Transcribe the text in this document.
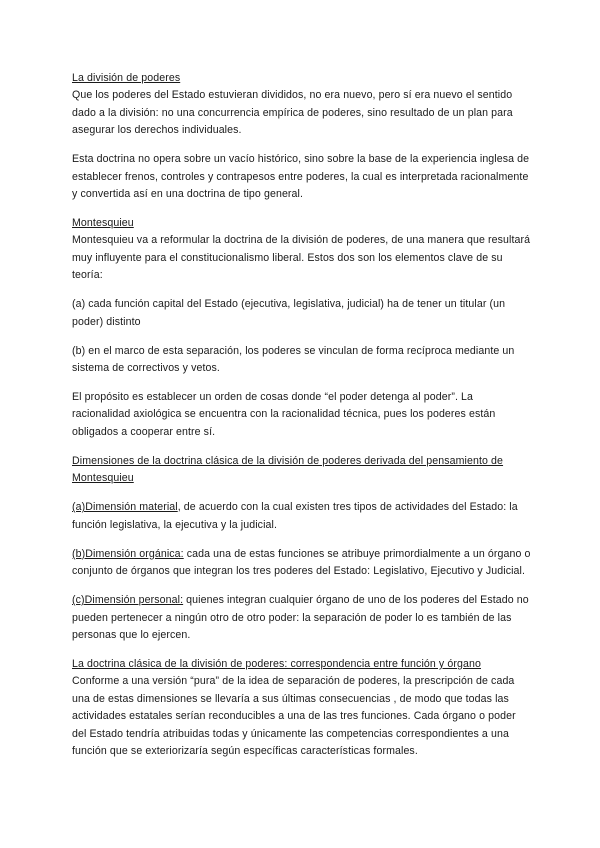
La división de poderes

Que los poderes del Estado estuvieran divididos, no era nuevo, pero sí era nuevo el sentido dado a la división: no una concurrencia empírica de poderes, sino resultado de un plan para asegurar los derechos individuales.

Esta doctrina no opera sobre un vacío histórico, sino sobre la base de la experiencia inglesa de establecer frenos, controles y contrapesos entre poderes, la cual es interpretada racionalmente y convertida así en una doctrina de tipo general.

Montesquieu

Montesquieu va a reformular la doctrina de la división de poderes, de una manera que resultará muy influyente para el constitucionalismo liberal. Estos dos son los elementos clave de su teoría:

(a) cada función capital del Estado (ejecutiva, legislativa, judicial) ha de tener un titular (un poder) distinto

(b) en el marco de esta separación, los poderes se vinculan de forma recíproca mediante un sistema de correctivos y vetos.

El propósito es establecer un orden de cosas donde “el poder detenga al poder”. La racionalidad axiológica se encuentra con la racionalidad técnica, pues los poderes están obligados a cooperar entre sí.

Dimensiones de la doctrina clásica de la división de poderes derivada del pensamiento de Montesquieu

(a)Dimensión material, de acuerdo con la cual existen tres tipos de actividades del Estado: la función legislativa, la ejecutiva y la judicial.

(b)Dimensión orgánica: cada una de estas funciones se atribuye primordialmente a un órgano o conjunto de órganos que integran los tres poderes del Estado: Legislativo, Ejecutivo y Judicial.

(c)Dimensión personal: quienes integran cualquier órgano de uno de los poderes del Estado no pueden pertenecer a ningún otro de otro poder: la separación de poder lo es también de las personas que lo ejercen.

La doctrina clásica de la división de poderes: correspondencia entre función y órgano

Conforme a una versión “pura” de la idea de separación de poderes, la prescripción de cada una de estas dimensiones se llevaría a sus últimas consecuencias , de modo que todas las actividades estatales serían reconducibles a una de las tres funciones. Cada órgano o poder del Estado tendría atribuidas todas y únicamente las competencias correspondientes a una función que se exteriorizaría según específicas características formales.
